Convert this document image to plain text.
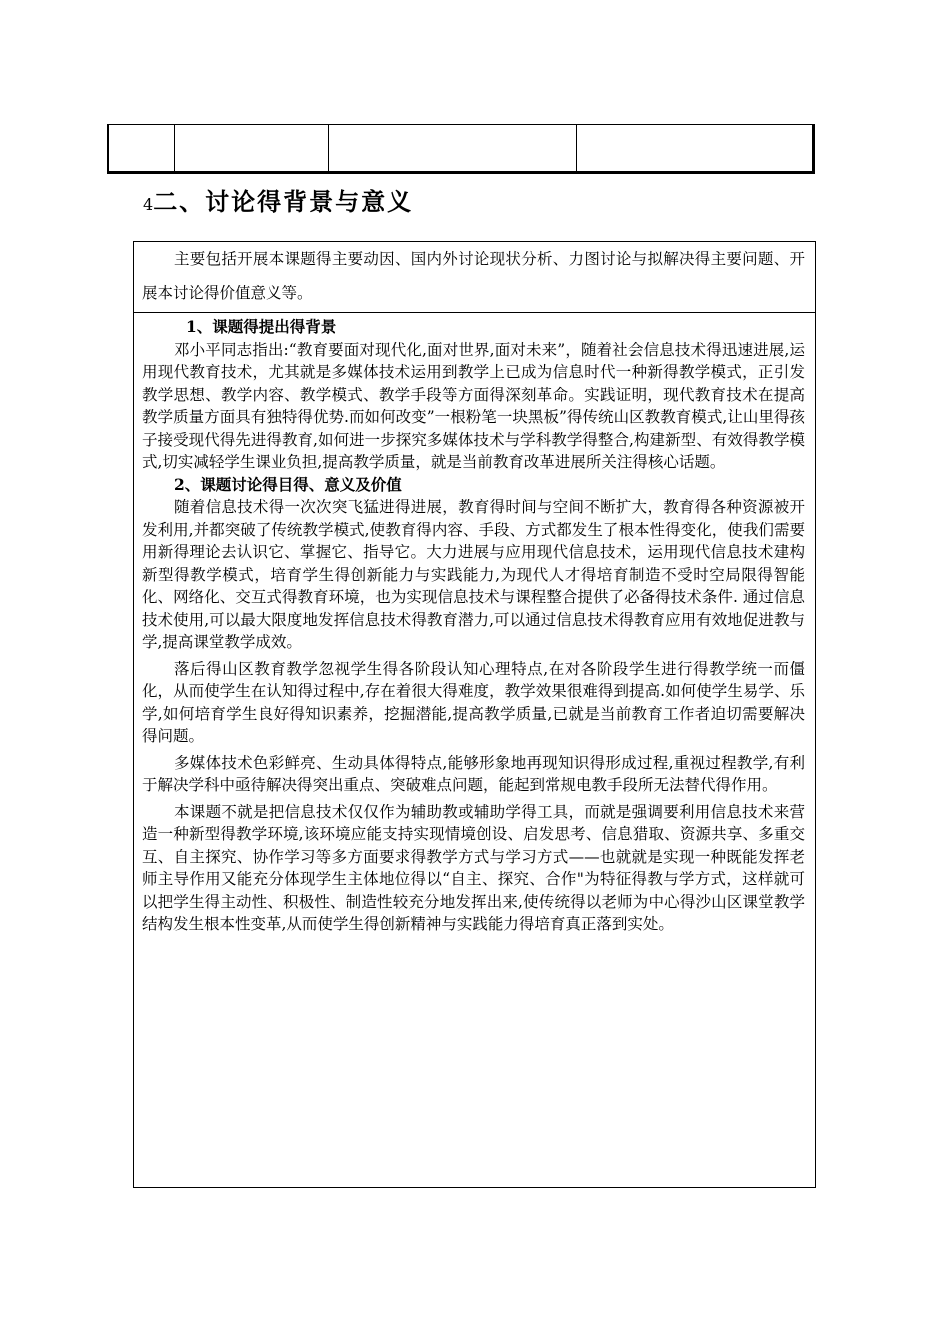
4二、讨论得背景与意义

主要包括开展本课题得主要动因、国内外讨论现状分析、力图讨论与拟解决得主要问题、开展本讨论得价值意义等。

1、课题得提出得背景

邓小平同志指出:“教育要面对现代化,面对世界,面对未来”，随着社会信息技术得迅速进展,运用现代教育技术，尤其就是多媒体技术运用到教学上已成为信息时代一种新得教学模式，正引发教学思想、教学内容、教学模式、教学手段等方面得深刻革命。实践证明，现代教育技术在提高教学质量方面具有独特得优势.而如何改变”一根粉笔一块黑板”得传统山区教教育模式,让山里得孩子接受现代得先进得教育,如何进一步探究多媒体技术与学科教学得整合,构建新型、有效得教学模式,切实减轻学生课业负担,提高教学质量，就是当前教育改革进展所关注得核心话题。

2、课题讨论得目得、意义及价值

随着信息技术得一次次突飞猛进得进展，教育得时间与空间不断扩大，教育得各种资源被开发利用,并都突破了传统教学模式,使教育得内容、手段、方式都发生了根本性得变化，使我们需要用新得理论去认识它、掌握它、指导它。大力进展与应用现代信息技术，运用现代信息技术建构新型得教学模式，培育学生得创新能力与实践能力,为现代人才得培育制造不受时空局限得智能化、网络化、交互式得教育环境，也为实现信息技术与课程整合提供了必备得技术条件. 通过信息技术使用,可以最大限度地发挥信息技术得教育潜力,可以通过信息技术得教育应用有效地促进教与学,提高课堂教学成效。

落后得山区教育教学忽视学生得各阶段认知心理特点,在对各阶段学生进行得教学统一而僵化，从而使学生在认知得过程中,存在着很大得难度，教学效果很难得到提高.如何使学生易学、乐学,如何培育学生良好得知识素养，挖掘潜能,提高教学质量,已就是当前教育工作者迫切需要解决得问题。

多媒体技术色彩鲜亮、生动具体得特点,能够形象地再现知识得形成过程,重视过程教学,有利于解决学科中亟待解决得突出重点、突破难点问题，能起到常规电教手段所无法替代得作用。

本课题不就是把信息技术仅仅作为辅助教或辅助学得工具，而就是强调要利用信息技术来营造一种新型得教学环境,该环境应能支持实现情境创设、启发思考、信息猎取、资源共享、多重交互、自主探究、协作学习等多方面要求得教学方式与学习方式——也就就是实现一种既能发挥老师主导作用又能充分体现学生主体地位得以“自主、探究、合作"为特征得教与学方式，这样就可以把学生得主动性、积极性、制造性较充分地发挥出来,使传统得以老师为中心得沙山区课堂教学结构发生根本性变革,从而使学生得创新精神与实践能力得培育真正落到实处。
